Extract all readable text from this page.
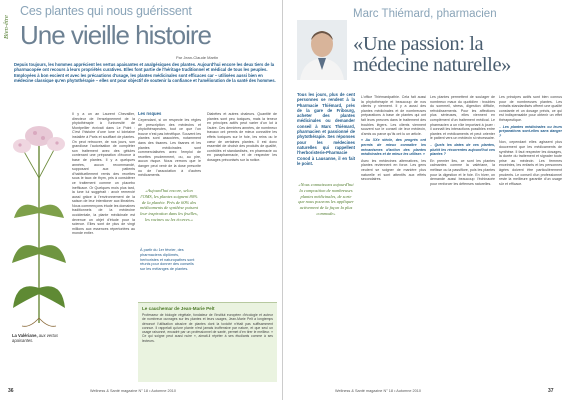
Bien-être
Ces plantes qui nous guérissent
Une vieille histoire
Par Jean-Claude Martin
Depuis toujours, les hommes apprécient les vertus apaisantes et analgésiques des plantes. Aujourd'hui encore les deux tiers de la pharmacopée ont recours à leurs propriétés curatives. Elles font partie de l'héritage traditionnel et médical de tous les peuples. Employées à bon escient et avec les précautions d'usage, les plantes médicinales sont efficaces car – utilisées aussi bien en médecine classique qu'en phytothérapie – elles ont pour objectif de soutenir la confiance et l'amélioration de la santé des hommes.
La Valériane, aux vertus apaisantes.
Il y a un an Laurent Chevallier, directeur de l'enseignement de la phytothérapie à l'université de Montpellier écrivait dans Le Point : C'est l'histoire d'une lune si lointaine installée à Paris et soufflant de plantes. On peut retrouver, de nos jours, son grandiose l'autorisation de compléter son traitement avec des gélules contenant une préparation d'écorce à base de plantes. Il y a quelques années, aucun recommandé, supposant aux patients d'habituellement remis des recettes sous le taux de thym, pris à considérer ce traitement comme un placebo inefficace. Or Quelques mois plus tard, la lune lui suggérait : avoir remercié aussi grâce à l'environnement de la saison de leur intentioner aux librairies. Nous commençons étude les domaines traditionnels de la médecine occidentale, la plante médicinale est devenue un objet d'étude pour la science. Elles sont de plus de vingt millions aux essences répertoriées au monde entier.
Les risques
Cependant, si on respecte les règles de prescription des médecins et phytothérapeutes, tout ce que l'on trouve n'est pas bénéfique. Souvent les plantes sont associées, notamment dans des tisanes. Les tisanes et les plantes médicinales sont commercialisées avec l'emploi de recettes prudemment, ou, au pire, aucun risque. Nous verrons que le danger peut venir de la dose prescrite ou de l'association à d'autres médicaments.
Diabètes et autres chaleurs. Quantité de plantes sont peu toxiques, mais la teneur en principes actifs peut varier d'un lot à l'autre. Ces dernières années, de nombreux travaux ont permis de mieux connaître les effets toxiques sur le foie, les reins ou le cœur de certaines plantes. Il est donc essentiel de choisir des produits de qualité, contrôlés et standardisés, en pharmacie ou en parapharmacie, et de respecter les dosages préconisés sur la notice.
«Aujourd'hui encore, selon l'OMS, les plantes soignent 80% de la planète. Près de 60% des médicaments de synthèse puisent leur inspiration dans les feuilles, les racines ou les écorces.»
À partir du 1er février, des pharmaciens diplômés, herboristes et naturopathes sont réunis pour donner des conseils sur les mélanges de plantes.
Le cauchemar de Jean-Marie Pelt
Professeur de biologie végétale, fondateur de l'Institut européen d'écologie et auteur de nombreux ouvrages sur les plantes et leurs usages, Jean-Marie Pelt a longtemps dénoncé l'utilisation abusive de plantes dont la toxicité n'était pas suffisamment connue. Il rappelait qu'une plante n'est jamais inoffensive par nature, et que seul un usage raisonné, encadré par un professionnel de santé, permet d'en tirer le meilleur. « Ce qui soigne peut aussi nuire », aimait-il répéter à ses étudiants comme à ses lecteurs.
36	Wellness & Santé magazine N° 18 • Automne 2010
Marc Thiémard, pharmacien
«Une passion: la médecine naturelle»
Tous les jours, plus de cent personnes se rendent à la Pharmacie Thiémard, près de la gare de Fribourg, acheter des plantes médicinales ou demander conseil à Marc Thiémard, pharmacien et passionné de phytothérapie. Ses réponses pour les médecines naturelles qui rappellent l'herboristerie-Pharmacie Conod à Lausanne, il en fait le point.
«Nous connaissons aujourd'hui la composition de nombreuses plantes médicinales, de sorte que nous pouvons les appliquer activement de la façon la plus commode»
L'office Thiémardpathie. Cela fait aussi la phytothérapie et beaucoup de nos clients y viennent. Il y a aussi des plantes médicinales et de nombreuses préparations à base de plantes qui ont fait leurs preuves dans le traitement des troubles légers. Les clients viennent souvent sur le conseil de leur médecin, d'amis ou parce qu'ils ont lu un article.
« Au XXe siècle, des progrès ont permis de mieux connaître les mécanismes d'action des plantes médicinales et de mieux les utiliser. »
Avec les médecines alternatives, les plantes reviennent en force. Les gens veulent se soigner de manière plus naturelle et sont attentifs aux effets secondaires.
Les plantes permettent de soulager de nombreux maux du quotidien : troubles du sommeil, stress, digestion difficile, refroidissements. Pour les affections plus sérieuses, elles viennent en complément d'un traitement médical. Le pharmacien a un rôle important à jouer : il connaît les interactions possibles entre plantes et médicaments et peut orienter le patient vers un médecin si nécessaire.
– Quels les dates de ces plantes, plutôt les récurrentes aujourd'hui ces plantes ?
En premier lieu, ce sont les plantes calmantes comme la valériane, la mélisse ou la passiflore, puis les plantes pour la digestion et le foie. En hiver, on demande aussi beaucoup l'échinacée pour renforcer les défenses naturelles.
Les principes actifs sont bien connus pour de nombreuses plantes. Les extraits standardisés offrent une qualité constante et un dosage précis, ce qui est indispensable pour obtenir un effet thérapeutique.
– Les plantes médicinales ou leurs préparations sont-elles sans danger ?
Non, cependant elles agissent plus doucement que les médicaments de synthèse. Il faut respecter les dosages, la durée du traitement et signaler toute prise au médecin. Les femmes enceintes, les enfants et les personnes âgées doivent être particulièrement prudents. Le conseil d'un professionnel reste la meilleure garantie d'un usage sûr et efficace.
Wellness & Santé magazine N° 18 • Automne 2010	37
